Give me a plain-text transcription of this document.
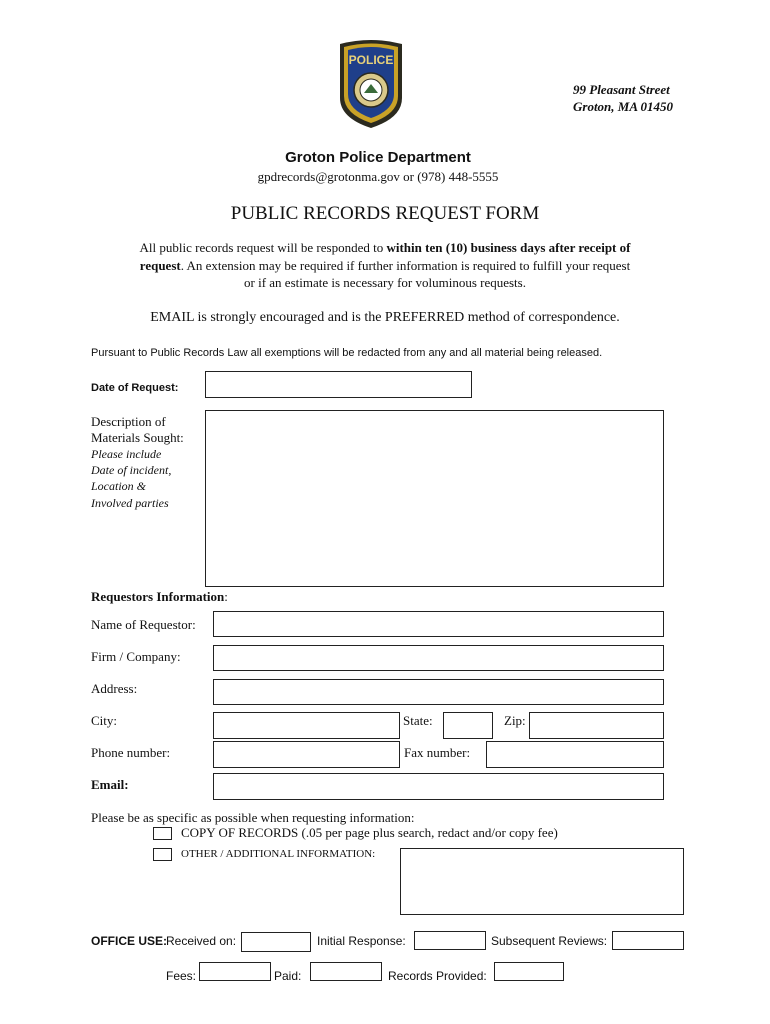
POLICE
99 Pleasant Street
Groton, MA 01450
Groton Police Department
gpdrecords@grotonma.gov or (978) 448-5555
PUBLIC RECORDS REQUEST FORM
All public records request will be responded to within ten (10) business days after receipt of
request. An extension may be required if further information is required to fulfill your request
or if an estimate is necessary for voluminous requests.
EMAIL is strongly encouraged and is the PREFERRED method of correspondence.
Pursuant to Public Records Law all exemptions will be redacted from any and all material being released.
Date of Request:
Description of
Materials Sought:
Please include
Date of incident,
Location &
Involved parties
Requestors Information:
Name of Requestor:
Firm / Company:
Address:
City:	State:	Zip:
Phone number:	Fax number:
Email:
Please be as specific as possible when requesting information:
COPY OF RECORDS (.05 per page plus search, redact and/or copy fee)
OTHER / ADDITIONAL INFORMATION:
OFFICE USE:
Received on:	Initial Response:	Subsequent Reviews:
Fees:	Paid:	Records Provided:
